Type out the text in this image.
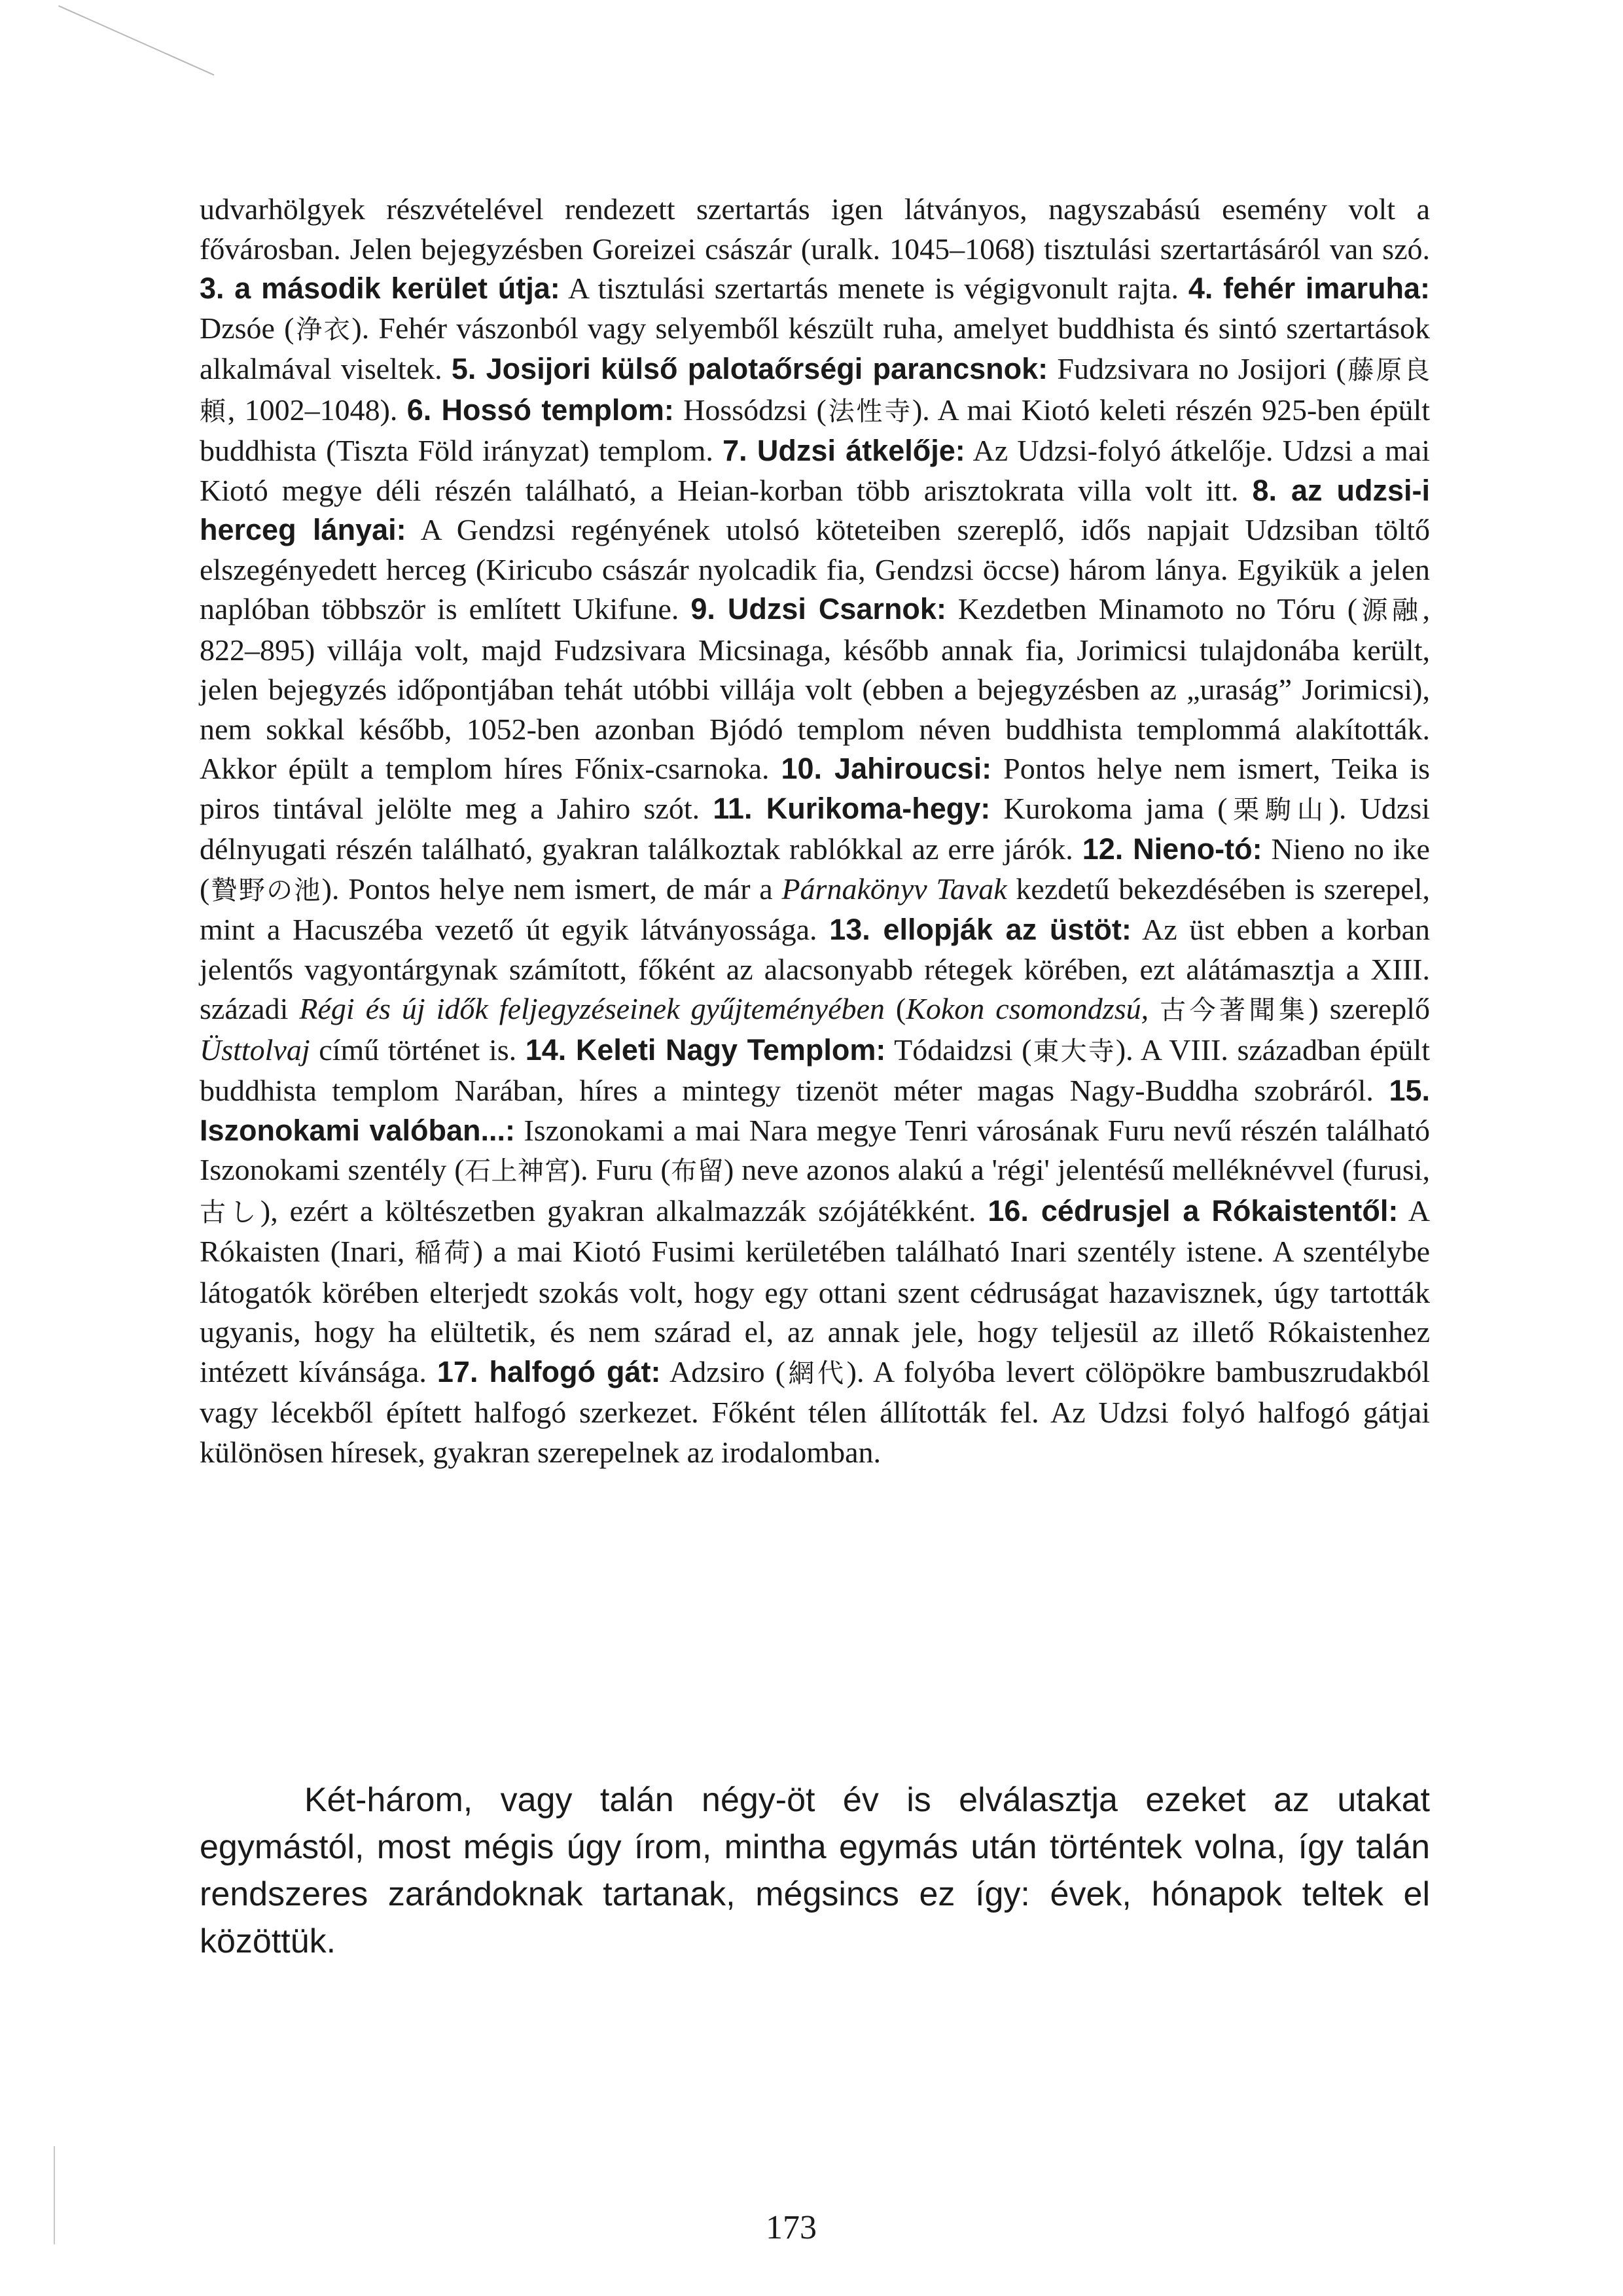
udvarhölgyek részvételével rendezett szertartás igen látványos, nagyszabású esemény volt a fővárosban. Jelen bejegyzésben Goreizei császár (uralk. 1045–1068) tisztulási szertartásáról van szó. 3. a második kerület útja: A tisztulási szertartás menete is végigvonult rajta. 4. fehér imaruha: Dzsóe (浄衣). Fehér vászonból vagy selyemből készült ruha, amelyet buddhista és sintó szertartások alkalmával viseltek. 5. Josijori külső palotaőrségi parancsnok: Fudzsivara no Josijori (藤原良頼, 1002–1048). 6. Hossó templom: Hossódzsi (法性寺). A mai Kiotó keleti részén 925-ben épült buddhista (Tiszta Föld irányzat) templom. 7. Udzsi átkelője: Az Udzsi-folyó átkelője. Udzsi a mai Kiotó megye déli részén található, a Heian-korban több arisztokrata villa volt itt. 8. az udzsi-i herceg lányai: A Gendzsi regényének utolsó köteteiben szereplő, idős napjait Udzsiban töltő elszegényedett herceg (Kiricubo császár nyolcadik fia, Gendzsi öccse) három lánya. Egyikük a jelen naplóban többször is említett Ukifune. 9. Udzsi Csarnok: Kezdetben Minamoto no Tóru (源融, 822–895) villája volt, majd Fudzsivara Micsinaga, később annak fia, Jorimicsi tulajdonába került, jelen bejegyzés időpontjában tehát utóbbi villája volt (ebben a bejegyzésben az „uraság” Jorimicsi), nem sokkal később, 1052-ben azonban Bjódó templom néven buddhista templommá alakították. Akkor épült a templom híres Főnix-csarnoka. 10. Jahiroucsi: Pontos helye nem ismert, Teika is piros tintával jelölte meg a Jahiro szót. 11. Kurikoma-hegy: Kurokoma jama (栗駒山). Udzsi délnyugati részén található, gyakran találkoztak rablókkal az erre járók. 12. Nieno-tó: Nieno no ike (贄野の池). Pontos helye nem ismert, de már a Párnakönyv Tavak kezdetű bekezdésében is szerepel, mint a Hacuszéba vezető út egyik látványossága. 13. ellopják az üstöt: Az üst ebben a korban jelentős vagyontárgynak számított, főként az alacsonyabb rétegek körében, ezt alátámasztja a XIII. századi Régi és új idők feljegyzéseinek gyűjteményében (Kokon csomondzsú, 古今著聞集) szereplő Üsttolvaj című történet is. 14. Keleti Nagy Templom: Tódaidzsi (東大寺). A VIII. században épült buddhista templom Narában, híres a mintegy tizenöt méter magas Nagy-Buddha szobráról. 15. Iszonokami valóban...: Iszonokami a mai Nara megye Tenri városának Furu nevű részén található Iszonokami szentély (石上神宮). Furu (布留) neve azonos alakú a 'régi' jelentésű melléknévvel (furusi, 古し), ezért a költészetben gyakran alkalmazzák szójátékként. 16. cédrusjel a Rókaistentől: A Rókaisten (Inari, 稲荷) a mai Kiotó Fusimi kerületében található Inari szentély istene. A szentélybe látogatók körében elterjedt szokás volt, hogy egy ottani szent cédruságat hazavisznek, úgy tartották ugyanis, hogy ha elültetik, és nem szárad el, az annak jele, hogy teljesül az illető Rókaistenhez intézett kívánsága. 17. halfogó gát: Adzsiro (網代). A folyóba levert cölöpökre bambuszrudakból vagy lécekből épített halfogó szerkezet. Főként télen állították fel. Az Udzsi folyó halfogó gátjai különösen híresek, gyakran szerepelnek az irodalomban.

Két-három, vagy talán négy-öt év is elválasztja ezeket az utakat egymástól, most mégis úgy írom, mintha egymás után történtek volna, így talán rendszeres zarándoknak tartanak, mégsincs ez így: évek, hónapok teltek el közöttük.

173
